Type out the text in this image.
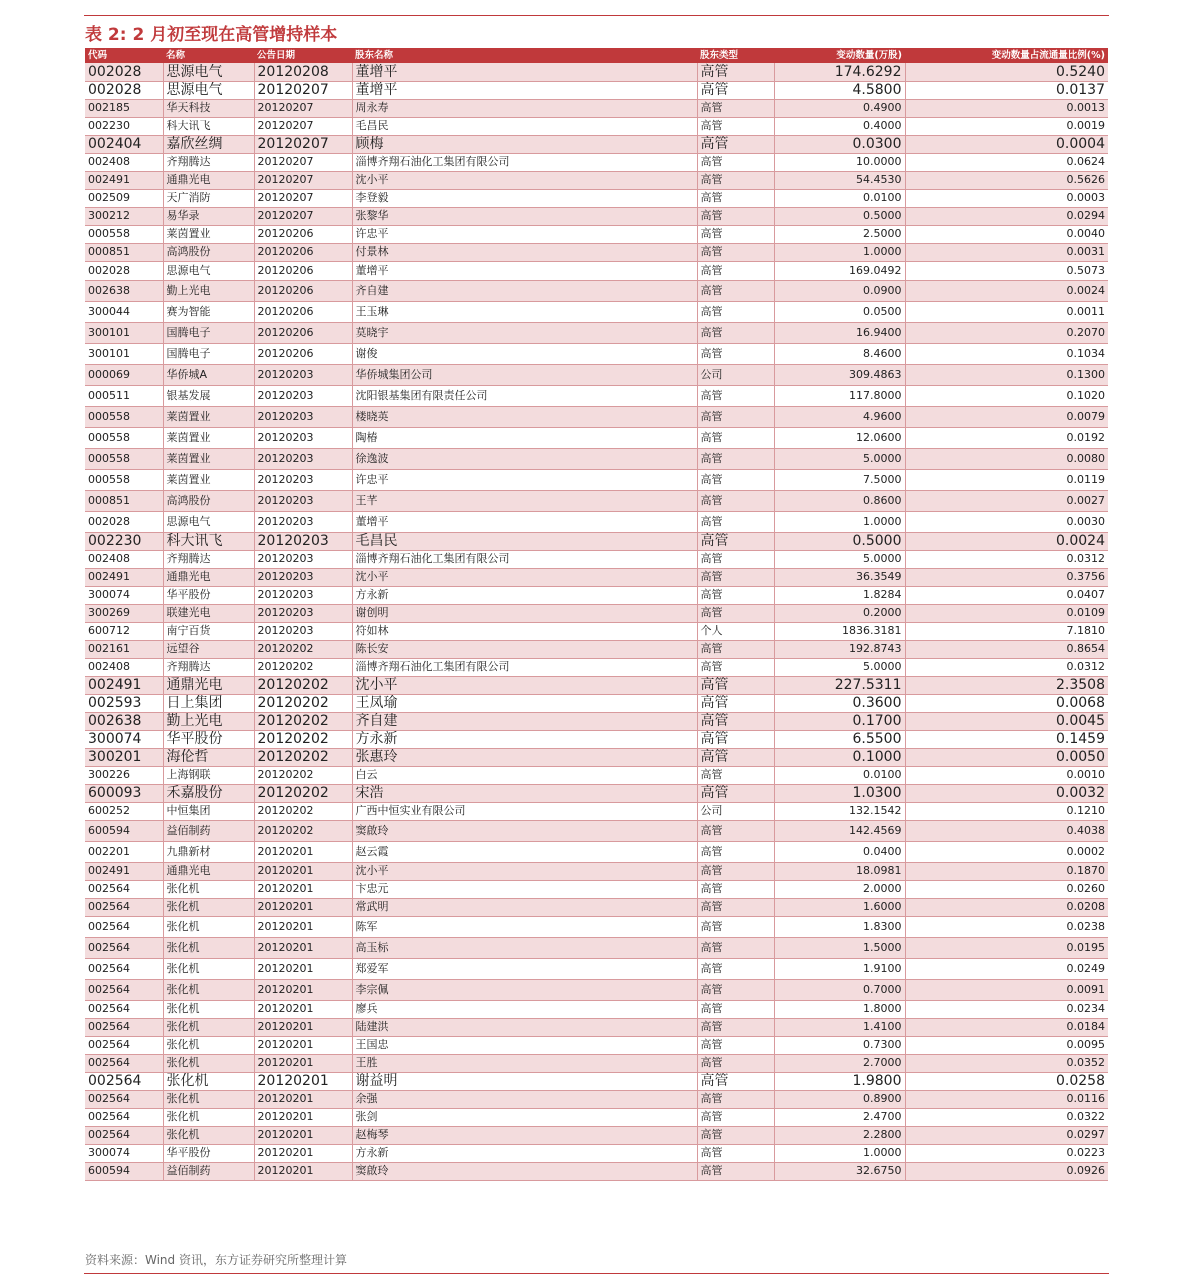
表 2: 2 月初至现在高管增持样本
代码	名称	公告日期	股东名称	股东类型	变动数量(万股)	变动数量占流通量比例(%)
002028	思源电气	20120208	董增平	高管	174.6292	0.5240
002028	思源电气	20120207	董增平	高管	4.5800	0.0137
002185	华天科技	20120207	周永寿	高管	0.4900	0.0013
002230	科大讯飞	20120207	毛昌民	高管	0.4000	0.0019
002404	嘉欣丝绸	20120207	顾梅	高管	0.0300	0.0004
002408	齐翔腾达	20120207	淄博齐翔石油化工集团有限公司	高管	10.0000	0.0624
002491	通鼎光电	20120207	沈小平	高管	54.4530	0.5626
002509	天广消防	20120207	李登毅	高管	0.0100	0.0003
300212	易华录	20120207	张黎华	高管	0.5000	0.0294
000558	莱茵置业	20120206	许忠平	高管	2.5000	0.0040
000851	高鸿股份	20120206	付景林	高管	1.0000	0.0031
002028	思源电气	20120206	董增平	高管	169.0492	0.5073
002638	勤上光电	20120206	齐自建	高管	0.0900	0.0024
300044	赛为智能	20120206	王玉琳	高管	0.0500	0.0011
300101	国腾电子	20120206	莫晓宇	高管	16.9400	0.2070
300101	国腾电子	20120206	谢俊	高管	8.4600	0.1034
000069	华侨城A	20120203	华侨城集团公司	公司	309.4863	0.1300
000511	银基发展	20120203	沈阳银基集团有限责任公司	高管	117.8000	0.1020
000558	莱茵置业	20120203	楼晓英	高管	4.9600	0.0079
000558	莱茵置业	20120203	陶椿	高管	12.0600	0.0192
000558	莱茵置业	20120203	徐逸波	高管	5.0000	0.0080
000558	莱茵置业	20120203	许忠平	高管	7.5000	0.0119
000851	高鸿股份	20120203	王芊	高管	0.8600	0.0027
002028	思源电气	20120203	董增平	高管	1.0000	0.0030
002230	科大讯飞	20120203	毛昌民	高管	0.5000	0.0024
002408	齐翔腾达	20120203	淄博齐翔石油化工集团有限公司	高管	5.0000	0.0312
002491	通鼎光电	20120203	沈小平	高管	36.3549	0.3756
300074	华平股份	20120203	方永新	高管	1.8284	0.0407
300269	联建光电	20120203	谢创明	高管	0.2000	0.0109
600712	南宁百货	20120203	符如林	个人	1836.3181	7.1810
002161	远望谷	20120202	陈长安	高管	192.8743	0.8654
002408	齐翔腾达	20120202	淄博齐翔石油化工集团有限公司	高管	5.0000	0.0312
002491	通鼎光电	20120202	沈小平	高管	227.5311	2.3508
002593	日上集团	20120202	王凤瑜	高管	0.3600	0.0068
002638	勤上光电	20120202	齐自建	高管	0.1700	0.0045
300074	华平股份	20120202	方永新	高管	6.5500	0.1459
300201	海伦哲	20120202	张惠玲	高管	0.1000	0.0050
300226	上海钢联	20120202	白云	高管	0.0100	0.0010
600093	禾嘉股份	20120202	宋浩	高管	1.0300	0.0032
600252	中恒集团	20120202	广西中恒实业有限公司	公司	132.1542	0.1210
600594	益佰制药	20120202	窦啟玲	高管	142.4569	0.4038
002201	九鼎新材	20120201	赵云霞	高管	0.0400	0.0002
002491	通鼎光电	20120201	沈小平	高管	18.0981	0.1870
002564	张化机	20120201	卞忠元	高管	2.0000	0.0260
002564	张化机	20120201	常武明	高管	1.6000	0.0208
002564	张化机	20120201	陈军	高管	1.8300	0.0238
002564	张化机	20120201	高玉标	高管	1.5000	0.0195
002564	张化机	20120201	郑爱军	高管	1.9100	0.0249
002564	张化机	20120201	李宗佩	高管	0.7000	0.0091
002564	张化机	20120201	廖兵	高管	1.8000	0.0234
002564	张化机	20120201	陆建洪	高管	1.4100	0.0184
002564	张化机	20120201	王国忠	高管	0.7300	0.0095
002564	张化机	20120201	王胜	高管	2.7000	0.0352
002564	张化机	20120201	谢益明	高管	1.9800	0.0258
002564	张化机	20120201	余强	高管	0.8900	0.0116
002564	张化机	20120201	张剑	高管	2.4700	0.0322
002564	张化机	20120201	赵梅琴	高管	2.2800	0.0297
300074	华平股份	20120201	方永新	高管	1.0000	0.0223
600594	益佰制药	20120201	窦啟玲	高管	32.6750	0.0926
资料来源：Wind 资讯，东方证券研究所整理计算
